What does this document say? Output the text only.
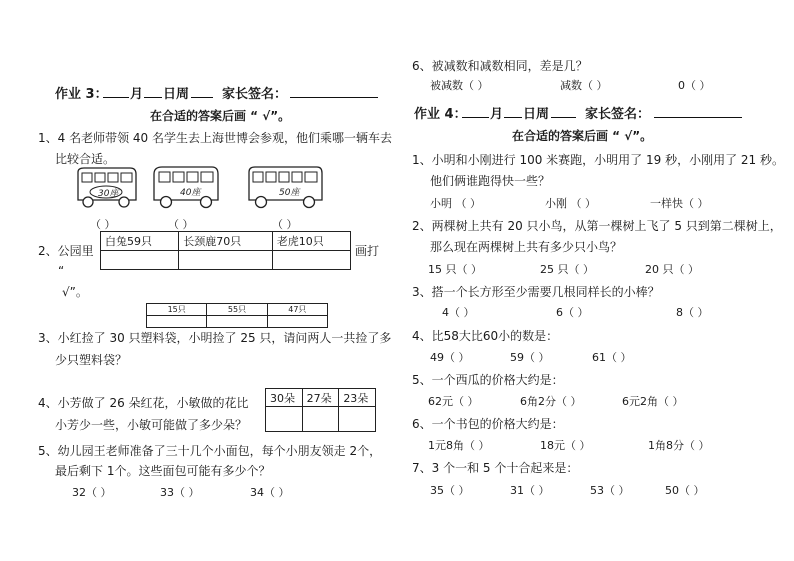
作业 3： 月 日周	家长签名：
在合适的答案后画 “ √”。
1、4 名老师带领 40 名学生去上海世博会参观，他们乘哪一辆车去
比较合适。
30座	40座	50座
（ ）	（ ）	（ ）
2、公园里
白兔59只	长颈鹿70只	老虎10只

画打
“
√”。
15只	55只	47只

3、小红捡了 30 只塑料袋，小明捡了 25 只，请问两人一共捡了多
少只塑料袋？
4、小芳做了 26 朵红花，小敏做的花比
小芳少一些，小敏可能做了多少朵？
30朵	27朵	23朵

5、幼儿园王老师准备了三十几个小面包，每个小朋友领走 2个，
最后剩下 1个。这些面包可能有多少个？
32（ ）	33（ ）	34（ ）
6、被减数和减数相同，差是几？
被减数（ ）	减数（ ）	0（ ）
作业 4： 月 日周	家长签名：
在合适的答案后画 “ √”。
1、小明和小刚进行 100 米赛跑，小明用了 19 秒，小刚用了 21 秒。
他们俩谁跑得快一些？
小明 （ ）	小刚 （ ）	一样快（ ）
2、两棵树上共有 20 只小鸟，从第一棵树上飞了 5 只到第二棵树上，
那么现在两棵树上共有多少只小鸟？
15 只（ ）	25 只（ ）	20 只（ ）
3、搭一个长方形至少需要几根同样长的小棒？
4（ ）	6（ ）	8（ ）
4、比58大比60小的数是：
49（ ）	59（ ）	61（ ）
5、一个西瓜的价格大约是：
62元（ ）	6角2分（ ）	6元2角（ ）
6、一个书包的价格大约是：
1元8角（ ）	18元（ ）	1角8分（ ）
7、3 个一和 5 个十合起来是：
35（ ）	31（ ）	53（ ）	50（ ）
